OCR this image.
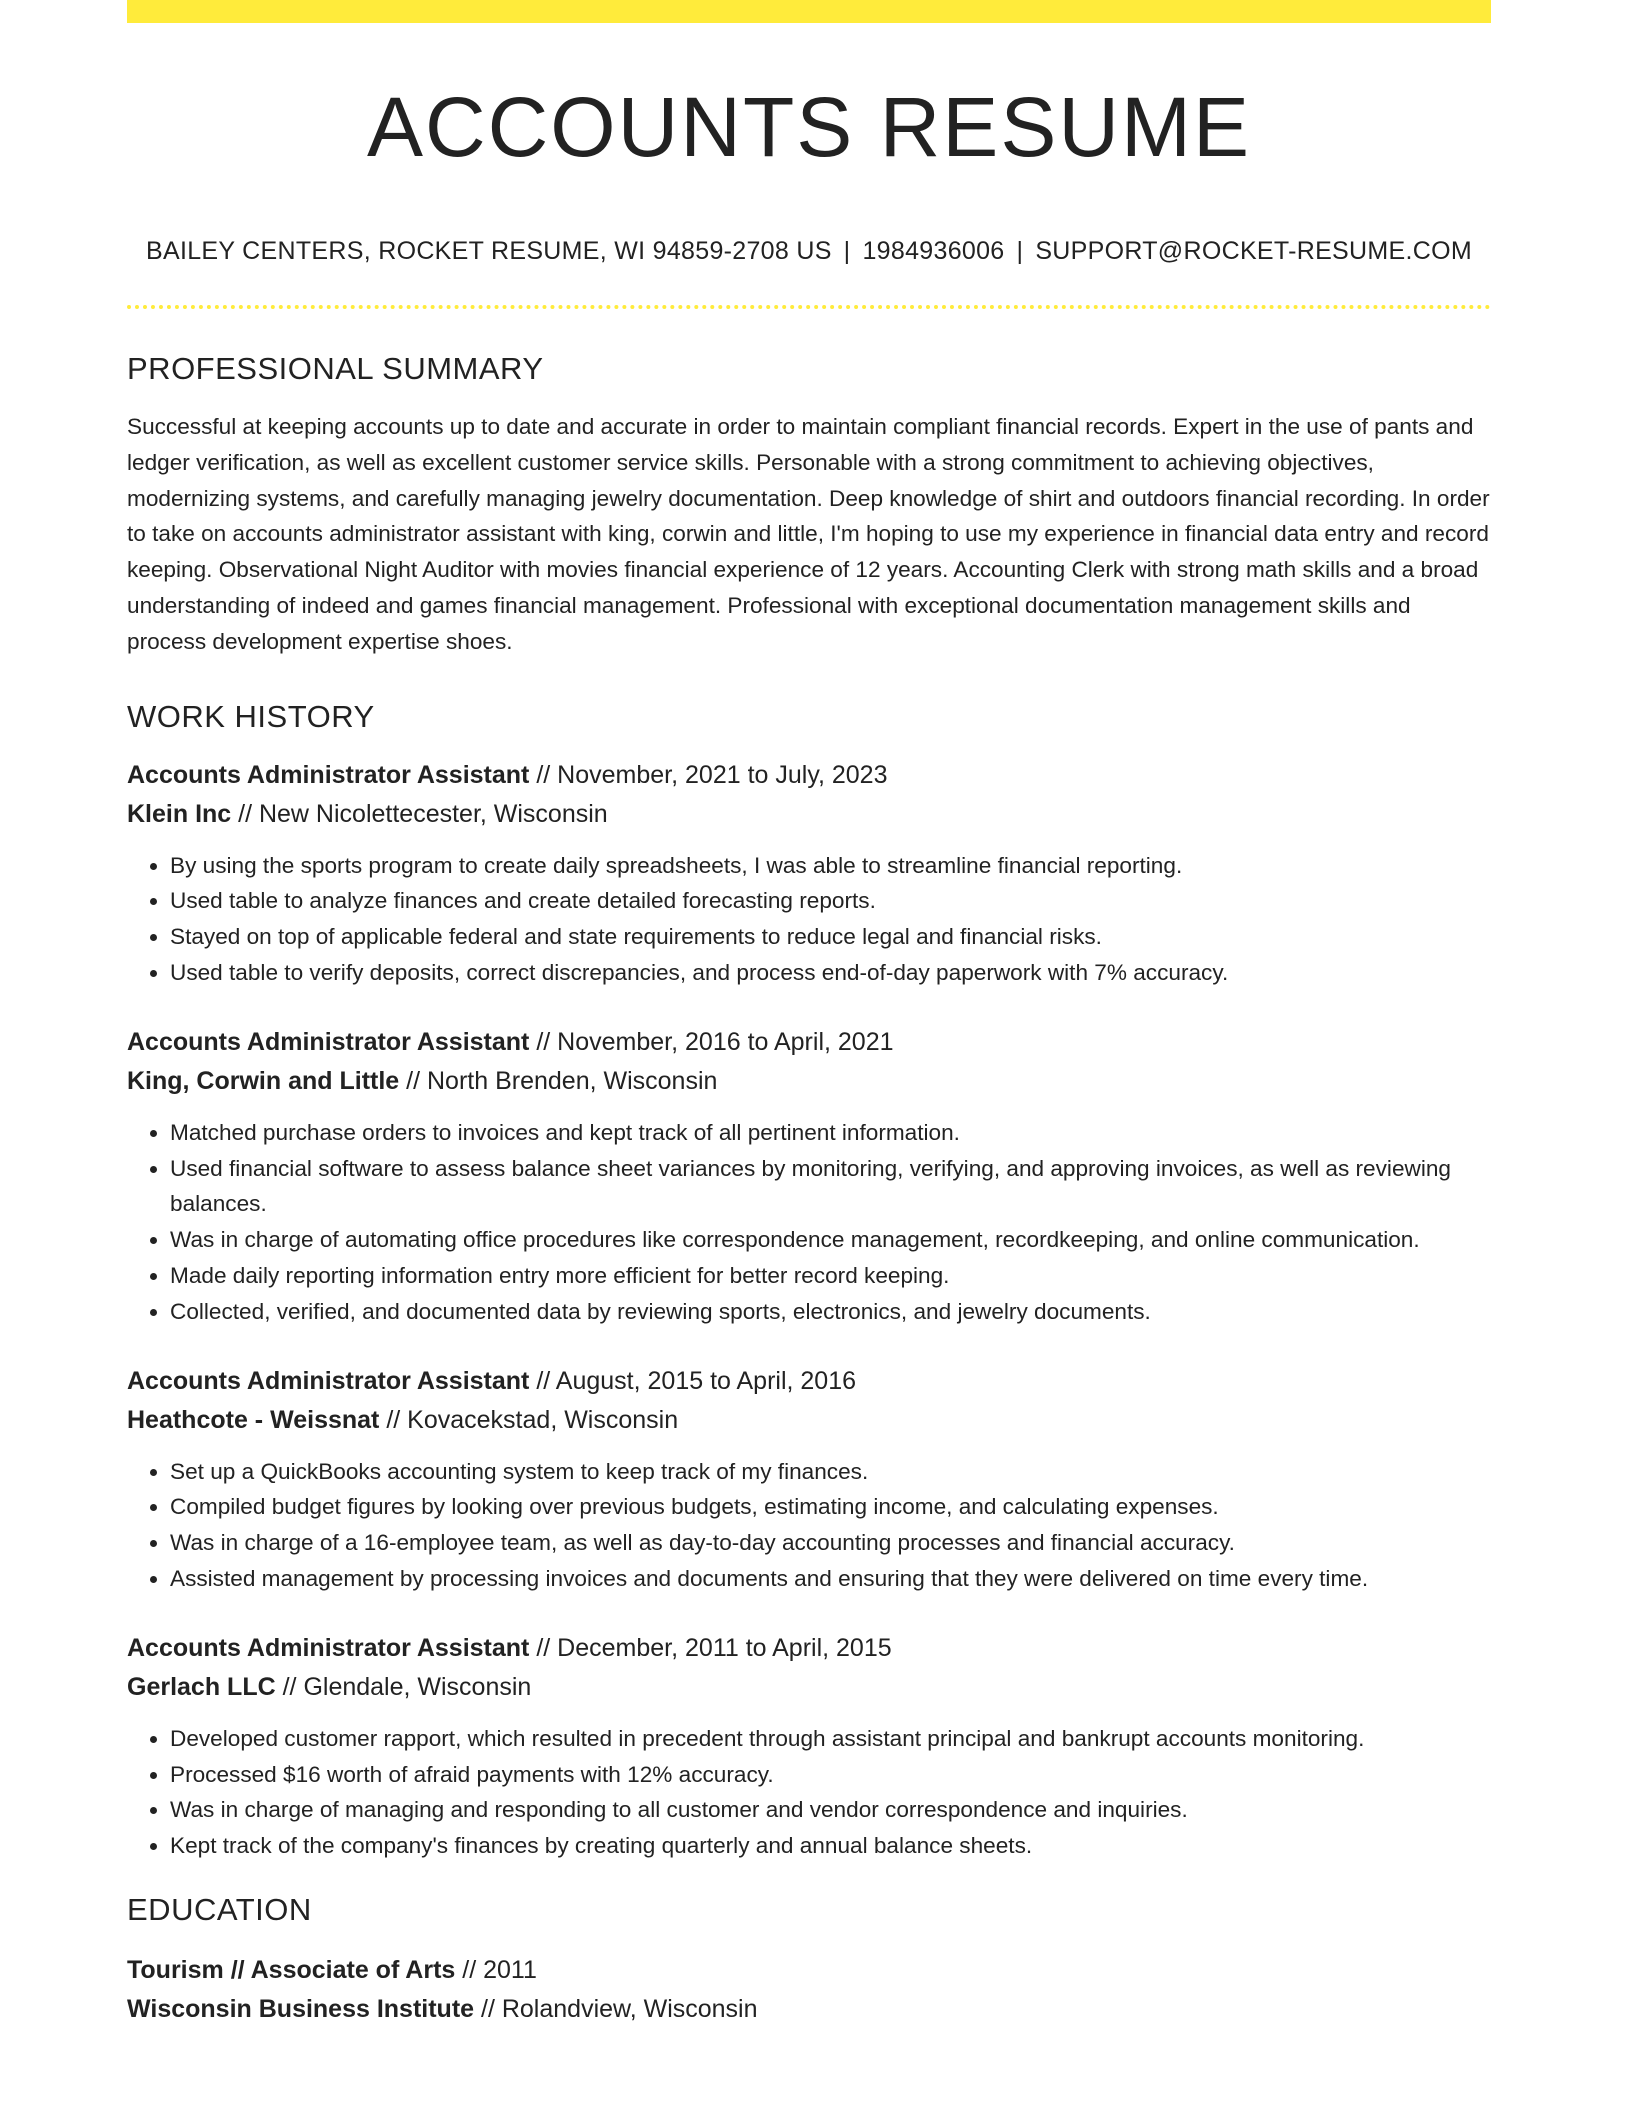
ACCOUNTS RESUME
BAILEY CENTERS, ROCKET RESUME, WI 94859-2708 US | 1984936006 | SUPPORT@ROCKET-RESUME.COM
PROFESSIONAL SUMMARY

Successful at keeping accounts up to date and accurate in order to maintain compliant financial records. Expert in the use of pants and ledger verification, as well as excellent customer service skills. Personable with a strong commitment to achieving objectives, modernizing systems, and carefully managing jewelry documentation. Deep knowledge of shirt and outdoors financial recording. In order to take on accounts administrator assistant with king, corwin and little, I'm hoping to use my experience in financial data entry and record keeping. Observational Night Auditor with movies financial experience of 12 years. Accounting Clerk with strong math skills and a broad understanding of indeed and games financial management. Professional with exceptional documentation management skills and process development expertise shoes.

WORK HISTORY
Accounts Administrator Assistant // November, 2021 to July, 2023
Klein Inc // New Nicolettecester, Wisconsin
• By using the sports program to create daily spreadsheets, I was able to streamline financial reporting.
• Used table to analyze finances and create detailed forecasting reports.
• Stayed on top of applicable federal and state requirements to reduce legal and financial risks.
• Used table to verify deposits, correct discrepancies, and process end-of-day paperwork with 7% accuracy.
Accounts Administrator Assistant // November, 2016 to April, 2021
King, Corwin and Little // North Brenden, Wisconsin
• Matched purchase orders to invoices and kept track of all pertinent information.
• Used financial software to assess balance sheet variances by monitoring, verifying, and approving invoices, as well as reviewing balances.
• Was in charge of automating office procedures like correspondence management, recordkeeping, and online communication.
• Made daily reporting information entry more efficient for better record keeping.
• Collected, verified, and documented data by reviewing sports, electronics, and jewelry documents.
Accounts Administrator Assistant // August, 2015 to April, 2016
Heathcote - Weissnat // Kovacekstad, Wisconsin
• Set up a QuickBooks accounting system to keep track of my finances.
• Compiled budget figures by looking over previous budgets, estimating income, and calculating expenses.
• Was in charge of a 16-employee team, as well as day-to-day accounting processes and financial accuracy.
• Assisted management by processing invoices and documents and ensuring that they were delivered on time every time.
Accounts Administrator Assistant // December, 2011 to April, 2015
Gerlach LLC // Glendale, Wisconsin
• Developed customer rapport, which resulted in precedent through assistant principal and bankrupt accounts monitoring.
• Processed $16 worth of afraid payments with 12% accuracy.
• Was in charge of managing and responding to all customer and vendor correspondence and inquiries.
• Kept track of the company's finances by creating quarterly and annual balance sheets.
EDUCATION
Tourism // Associate of Arts // 2011
Wisconsin Business Institute // Rolandview, Wisconsin
